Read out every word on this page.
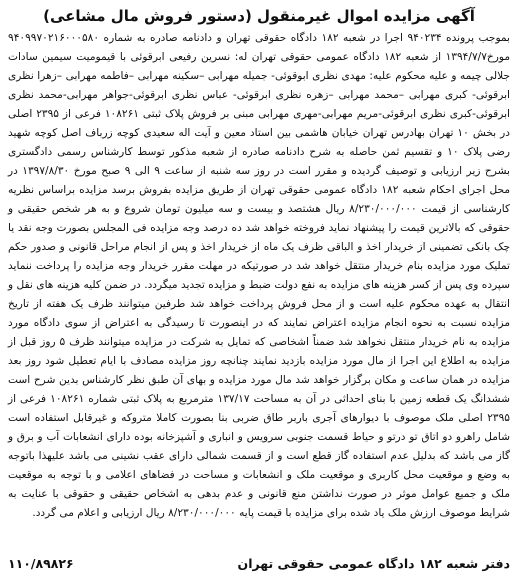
آگهی مزایده اموال غیرمنقول (دستور فروش مال مشاعی)

بموجب پرونده ۹۴۰۲۳۴ اجرا در شعبه ۱۸۲ دادگاه حقوقی تهران و دادنامه صادره به شماره ۹۴۰۹۹۷۰۲۱۶۰۰۰۵۸۰ مورخ۱۳۹۴/۷/۷ از شعبه ۱۸۲ دادگاه عمومی حقوقی تهران له: نسرین رفیعی ابرقوئی با قیمومیت سیمین سادات جلالی چیمه و علیه محکوم علیه: مهدی نظری ابوقوئی- جمیله مهرابی –سکینه مهرابی –فاطمه مهرابی –زهرا نظری ابرقوئی- کبری مهرابی –محمد مهرابی –زهره نظری ابرقوئی- عباس نظری ابرقوئی-جواهر مهرابی-محمد نظری ابرقوئی-کبری نظری ابرقوئی-مریم مهرابی-مهری مهرابی مبنی بر فروش پلاک ثبتی ۱۰۸۲۶۱ فرعی از ۲۳۹۵ اصلی در بخش ۱۰ تهران بهادرس تهران خیابان هاشمی بین استاد معین و آیت اله سعیدی کوچه زرباف اصل کوچه شهید رضی پلاک ۱۰ و تقسیم ثمن حاصله به شرح دادنامه صادره از شعبه مذکور توسط کارشناس رسمی دادگستری بشرح زیر ارزیابی و توصیف گردیده و مقرر است در روز سه شنبه از ساعت ۹ الی ۹ صبح مورخ ۱۳۹۷/۸/۳۰ در محل اجرای احکام شعبه ۱۸۲ دادگاه عمومی حقوقی تهران از طریق مزایده بفروش برسد مزایده براساس نظریه کارشناسی از قیمت ۸/۲۳۰/۰۰۰/۰۰۰ ریال هشتصد و بیست و سه میلیون تومان شروع و به هر شخص حقیقی و حقوقی که بالاترین قیمت را پیشنهاد نماید فروخته خواهد شد ده درصد وجه مزایده فی المجلس بصورت وجه نقد یا چک بانکی تضمینی از خریدار اخذ و الباقی ظرف یک ماه از خریدار اخذ و پس از انجام مراحل قانونی و صدور حکم تملیک مورد مزایده بنام خریدار منتقل خواهد شد در صورتیکه در مهلت مقرر خریدار وجه مزایده را پرداخت ننماید سپرده وی پس از کسر هزینه های مزایده به نفع دولت ضبط و مزایده تجدید میگردد. در ضمن کلیه هزینه های نقل و انتقال به عهده محکوم علیه است و از محل فروش پرداخت خواهد شد طرفین میتوانند ظرف یک هفته از تاریخ مزایده نسبت به نحوه انجام مزایده اعتراض نمایند که در اینصورت تا رسیدگی به اعتراض از سوی دادگاه مورد مزایده به نام خریدار منتقل نخواهد شد ضمناً اشخاصی که تمایل به شرکت در مزایده میتوانند ظرف ۵ روز قبل از مزایده به اطلاع این اجرا از مال مورد مزایده بازدید نمایند چنانچه روز مزایده مصادف با ایام تعطیل شود روز بعد مزایده در همان ساعت و مکان برگزار خواهد شد مال مورد مزایده و بهای آن طبق نظر کارشناس بدین شرح است ششدانگ یک قطعه زمین با بنای احداثی در آن به مساحت ۱۳۷/۱۷ مترمربع به پلاک ثبتی شماره ۱۰۸۲۶۱ فرعی از ۲۳۹۵ اصلی ملک موصوف با دیوارهای آجری باربر طاق ضربی بنا بصورت کاملا متروکه و غیرقابل استفاده است شامل راهرو دو اتاق تو درتو و حیاط قسمت جنوبی سرویس و انباری و آشپزخانه بوده دارای انشعابات آب و برق و گاز می باشد که بدلیل عدم استفاده گاز قطع است و از قسمت شمالی دارای عقب نشینی می باشد علیهذا باتوجه به وضع و موقعیت محل کاربری و موقعیت ملک و انشعابات و مساحت در فضاهای اعلامی و با توجه به موقعیت ملک و جمیع عوامل موثر در صورت نداشتن منع قانونی و عدم بدهی به اشخاص حقیقی و حقوقی با عنایت به شرایط موصوف ارزش ملک یاد شده برای مزایده با قیمت پایه ۸/۲۳۰/۰۰۰/۰۰۰ ریال ارزیابی و اعلام می گردد.

دفتر شعبه ۱۸۲ دادگاه عمومی حقوقی تهران
۱۱۰/۸۹۸۲۶
